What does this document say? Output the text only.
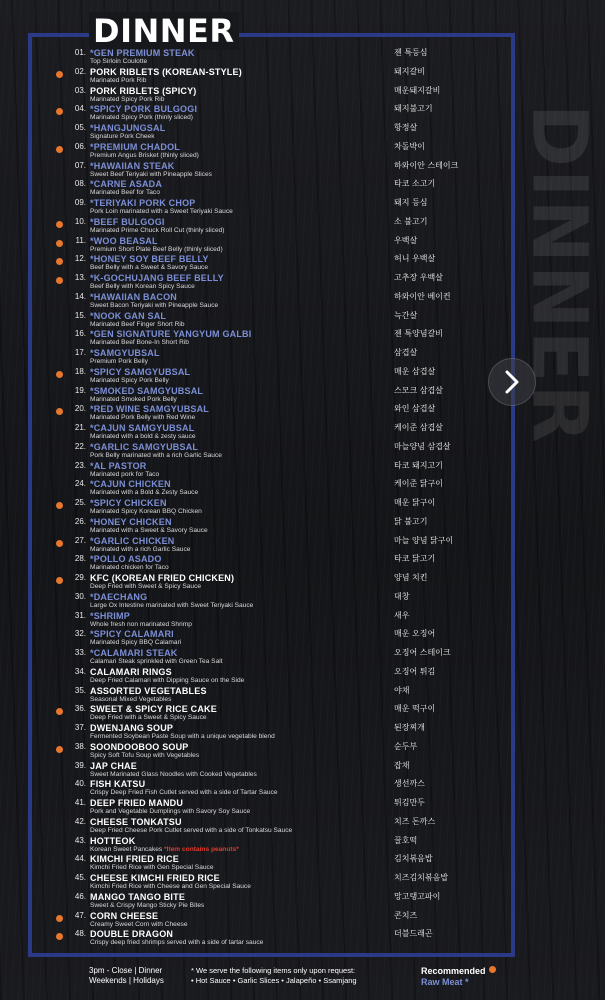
DINNER
DINNER
01. *GEN PREMIUM STEAK
Top Sirloin Coulotte
젠 특등심
02. PORK RIBLETS (KOREAN-STYLE)
Marinated Pork Rib
돼지갈비
03. PORK RIBLETS (SPICY)
Marinated Spicy Pork Rib
매운돼지갈비
04. *SPICY PORK BULGOGI
Marinated Spicy Pork (thinly sliced)
돼지불고기
05. *HANGJUNGSAL
Signature Pork Cheek
항정살
06. *PREMIUM CHADOL
Premium Angus Brisket (thinly sliced)
차돌박이
07. *HAWAIIAN STEAK
Sweet Beef Teriyaki with Pineapple Slices
하와이안 스테이크
08. *CARNE ASADA
Marinated Beef for Taco
타코 소고기
09. *TERIYAKI PORK CHOP
Pork Loin marinated with a Sweet Teriyaki Sauce
돼지 등심
10. *BEEF BULGOGI
Marinated Prime Chuck Roll Cut (thinly sliced)
소 불고기
11. *WOO BEASAL
Premium Short Plate Beef Belly (thinly sliced)
우백살
12. *HONEY SOY BEEF BELLY
Beef Belly with a Sweet & Savory Sauce
허니 우백살
13. *K-GOCHUJANG BEEF BELLY
Beef Belly with Korean Spicy Sauce
고추장 우백살
14. *HAWAIIAN BACON
Sweet Bacon Teriyaki with Pineapple Sauce
하와이안 베이컨
15. *NOOK GAN SAL
Marinated Beef Finger Short Rib
늑간살
16. *GEN SIGNATURE YANGYUM GALBI
Marinated Beef Bone-In Short Rib
젠 특양념갈비
17. *SAMGYUBSAL
Premium Pork Belly
삼겹살
18. *SPICY SAMGYUBSAL
Marinated Spicy Pork Belly
매운 삼겹살
19. *SMOKED SAMGYUBSAL
Marinated Smoked Pork Belly
스모크 삼겹살
20. *RED WINE SAMGYUBSAL
Marinated Pork Belly with Red Wine
와인 삼겹살
21. *CAJUN SAMGYUBSAL
Marinated with a bold & zesty sauce
케이준 삼겹살
22. *GARLIC SAMGYUBSAL
Pork Belly marinated with a rich Garlic Sauce
마늘양념 삼겹살
23. *AL PASTOR
Marinated pork for Taco
타코 돼지고기
24. *CAJUN CHICKEN
Marinated with a Bold & Zesty Sauce
케이준 닭구이
25. *SPICY CHICKEN
Marinated Spicy Korean BBQ Chicken
매운 닭구이
26. *HONEY CHICKEN
Marinated with a Sweet & Savory Sauce
닭 불고기
27. *GARLIC CHICKEN
Marinated with a rich Garlic Sauce
마늘 양념 닭구이
28. *POLLO ASADO
Marinated chicken for Taco
타코 닭고기
29. KFC (KOREAN FRIED CHICKEN)
Deep Fried with Sweet & Spicy Sauce
양념 치킨
30. *DAECHANG
Large Ox Intestine marinated with Sweet Teriyaki Sauce
대창
31. *SHRIMP
Whole fresh non marinated Shrimp
새우
32. *SPICY CALAMARI
Marinated Spicy BBQ Calamari
매운 오징어
33. *CALAMARI STEAK
Calamari Steak sprinkled with Green Tea Salt
오징어 스테이크
34. CALAMARI RINGS
Deep Fried Calamari with Dipping Sauce on the Side
오징어 튀김
35. ASSORTED VEGETABLES
Seasonal Mixed Vegetables
야채
36. SWEET & SPICY RICE CAKE
Deep Fried with a Sweet & Spicy Sauce
매운 떡구이
37. DWENJANG SOUP
Fermented Soybean Paste Soup with a unique vegetable blend
된장찌개
38. SOONDOOBOO SOUP
Spicy Soft Tofu Soup with Vegetables
순두부
39. JAP CHAE
Sweet Marinated Glass Noodles with Cooked Vegetables
잡채
40. FISH KATSU
Crispy Deep Fried Fish Cutlet served with a side of Tartar Sauce
생선까스
41. DEEP FRIED MANDU
Pork and Vegetable Dumplings with Savory Soy Sauce
튀김만두
42. CHEESE TONKATSU
Deep Fried Cheese Pork Cutlet served with a side of Tonkatsu Sauce
치즈 돈까스
43. HOTTEOK
Korean Sweet Pancakes *Item contains peanuts*
꿀호떡
44. KIMCHI FRIED RICE
Kimchi Fried Rice with Gen Special Sauce
김치볶음밥
45. CHEESE KIMCHI FRIED RICE
Kimchi Fried Rice with Cheese and Gen Special Sauce
치즈김치볶음밥
46. MANGO TANGO BITE
Sweet & Crispy Mango Sticky Pie Bites
망고탱고파이
47. CORN CHEESE
Creamy Sweet Corn with Cheese
콘치즈
48. DOUBLE DRAGON
Crispy deep fried shrimps served with a side of tartar sauce
더블드래곤
3pm - Close | Dinner
Weekends | Holidays
* We serve the following items only upon request:
• Hot Sauce • Garlic Slices • Jalapeño • Ssamjang
Recommended
Raw Meat *
